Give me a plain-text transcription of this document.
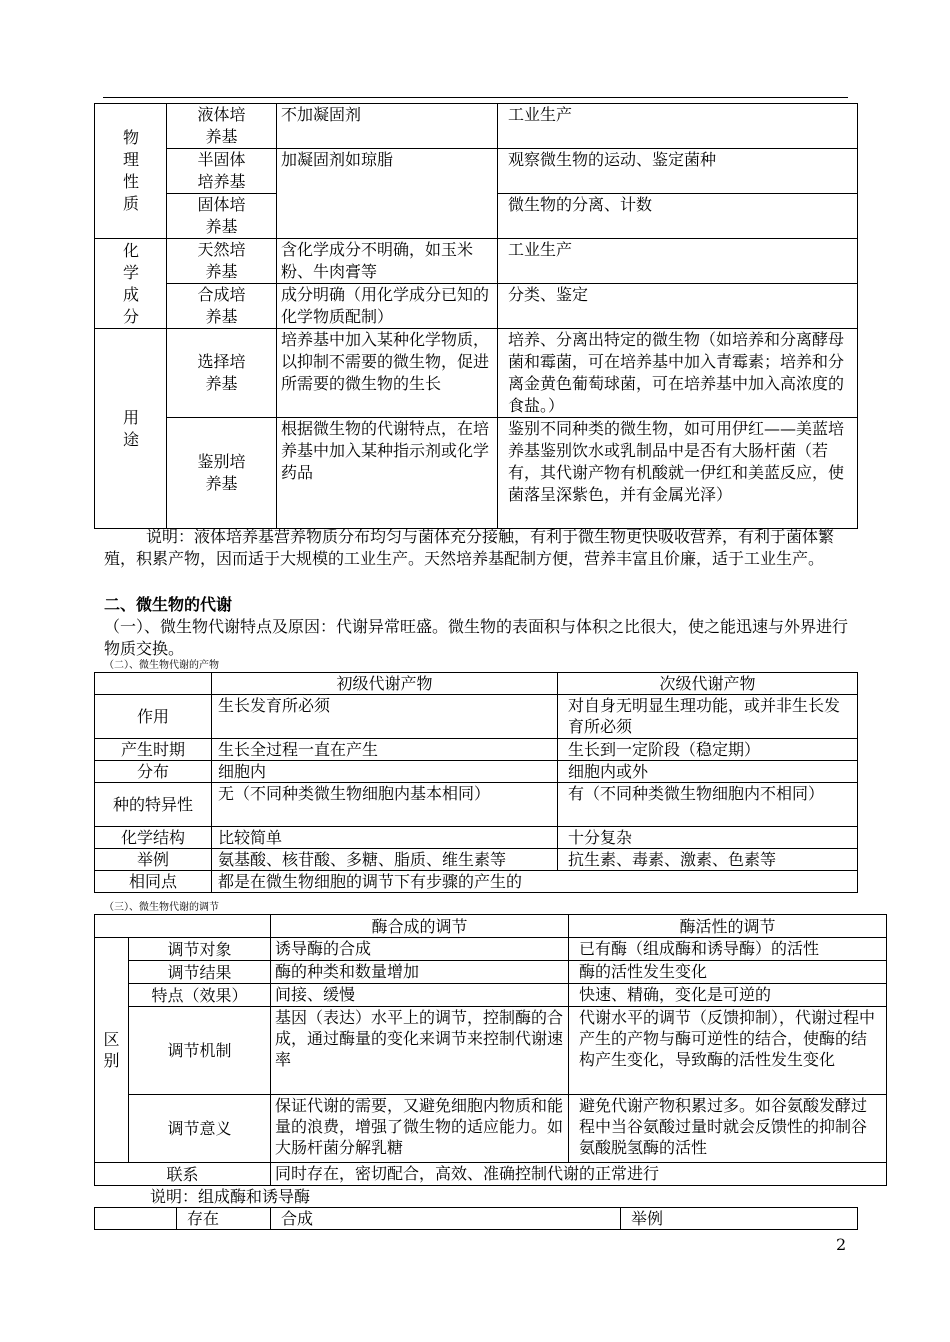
物理性质	液体培养基	不加凝固剂	工业生产
	半固体培养基	加凝固剂如琼脂	观察微生物的运动、鉴定菌种
	固体培养基		微生物的分离、计数
化学成分	天然培养基	含化学成分不明确，如玉米粉、牛肉膏等	工业生产
	合成培养基	成分明确（用化学成分已知的化学物质配制）	分类、鉴定
用途	选择培养基	培养基中加入某种化学物质，以抑制不需要的微生物，促进所需要的微生物的生长	培养、分离出特定的微生物（如培养和分离酵母菌和霉菌，可在培养基中加入青霉素；培养和分离金黄色葡萄球菌，可在培养基中加入高浓度的食盐。）
	鉴别培养基	根据微生物的代谢特点，在培养基中加入某种指示剂或化学药品	鉴别不同种类的微生物，如可用伊红——美蓝培养基鉴别饮水或乳制品中是否有大肠杆菌（若有，其代谢产物有机酸就一伊红和美蓝反应，使菌落呈深紫色，并有金属光泽）
说明：液体培养基营养物质分布均匀与菌体充分接触，有利于微生物更快吸收营养，有利于菌体繁殖，积累产物，因而适于大规模的工业生产。天然培养基配制方便，营养丰富且价廉，适于工业生产。
二、微生物的代谢
（一）、微生物代谢特点及原因：代谢异常旺盛。微生物的表面积与体积之比很大，使之能迅速与外界进行物质交换。
（二）、微生物代谢的产物
	初级代谢产物	次级代谢产物
作用	生长发育所必须	对自身无明显生理功能，或并非生长发育所必须
产生时期	生长全过程一直在产生	生长到一定阶段（稳定期）
分布	细胞内	细胞内或外
种的特异性	无（不同种类微生物细胞内基本相同）	有（不同种类微生物细胞内不相同）
化学结构	比较简单	十分复杂
举例	氨基酸、核苷酸、多糖、脂质、维生素等	抗生素、毒素、激素、色素等
相同点	都是在微生物细胞的调节下有步骤的产生的	
（三）、微生物代谢的调节
		酶合成的调节	酶活性的调节
区别	调节对象	诱导酶的合成	已有酶（组成酶和诱导酶）的活性
	调节结果	酶的种类和数量增加	酶的活性发生变化
	特点（效果）	间接、缓慢	快速、精确，变化是可逆的
	调节机制	基因（表达）水平上的调节，控制酶的合成，通过酶量的变化来调节来控制代谢速率	代谢水平的调节（反馈抑制），代谢过程中产生的产物与酶可逆性的结合，使酶的结构产生变化，导致酶的活性发生变化
	调节意义	保证代谢的需要，又避免细胞内物质和能量的浪费，增强了微生物的适应能力。如大肠杆菌分解乳糖	避免代谢产物积累过多。如谷氨酸发酵过程中当谷氨酸过量时就会反馈性的抑制谷氨酸脱氢酶的活性
联系		同时存在，密切配合，高效、准确控制代谢的正常进行	
说明：组成酶和诱导酶
	存在	合成	举例
2
